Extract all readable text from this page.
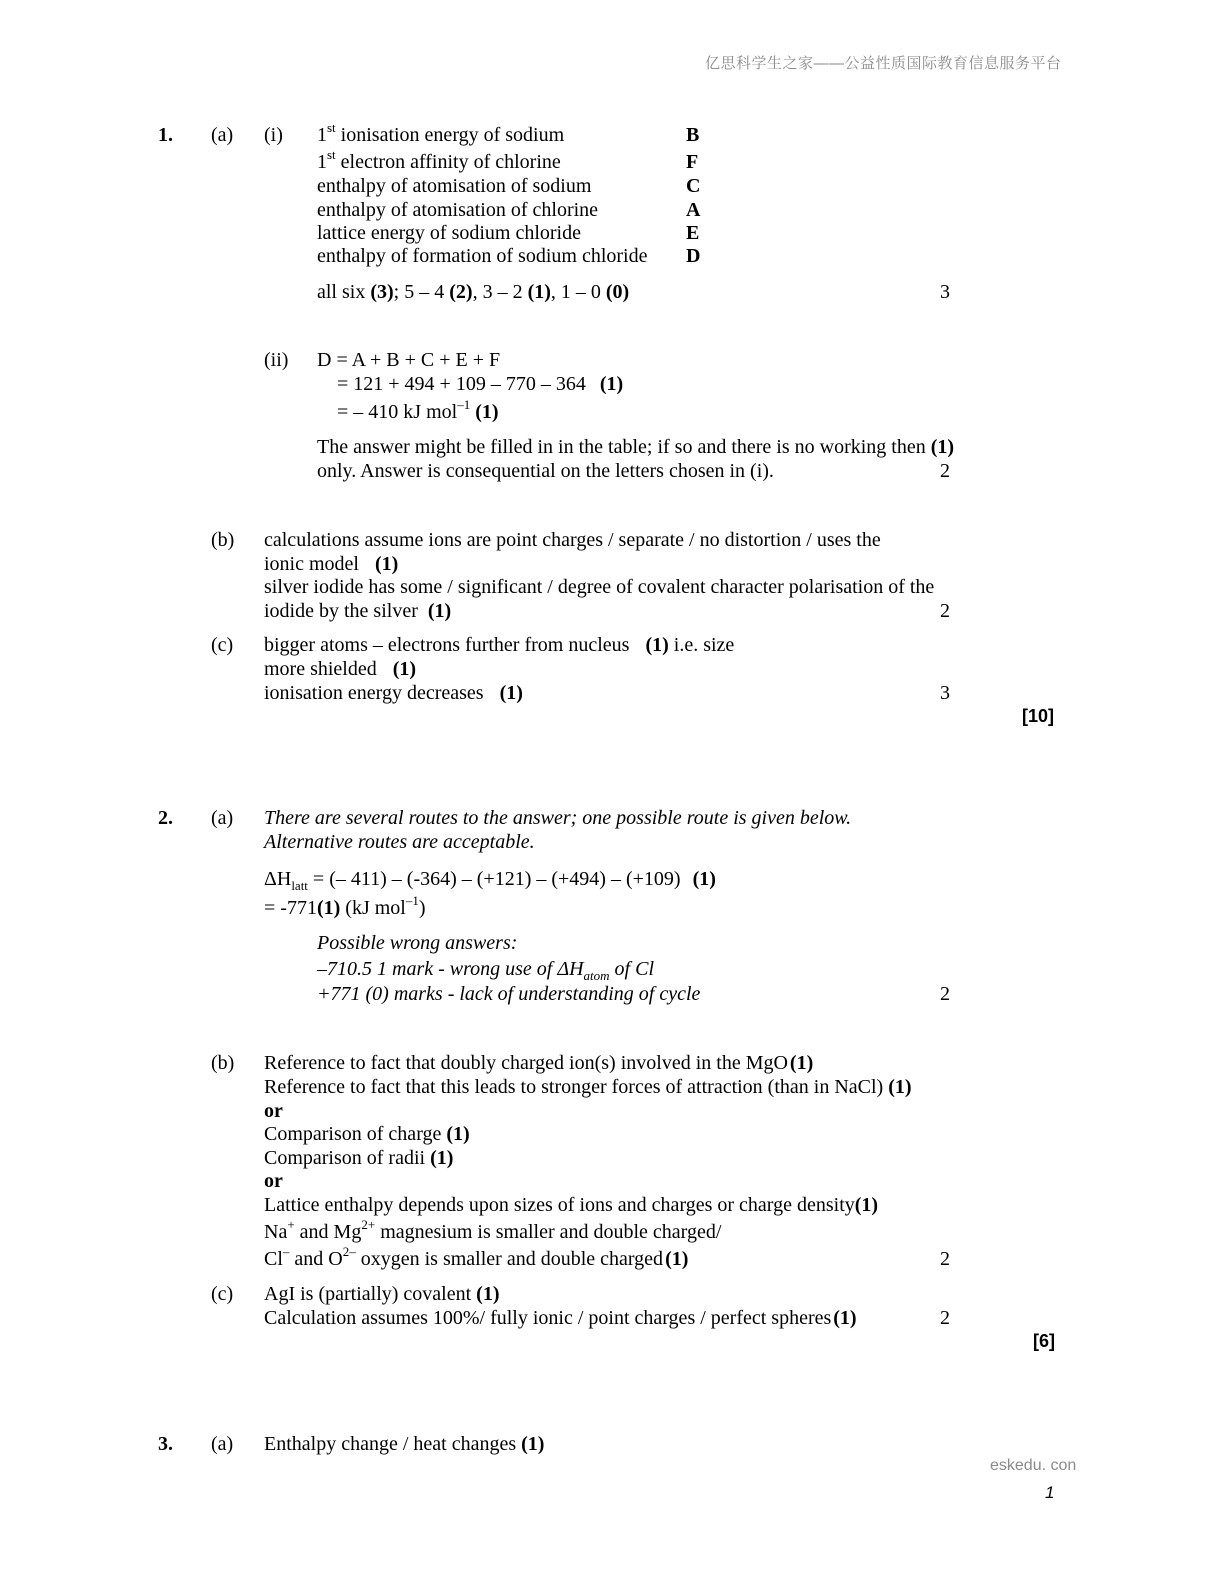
亿思科学生之家——公益性质国际教育信息服务平台
eskedu. con
1
1. (a) (i) 1st ionisation energy of sodium	B
1st electron affinity of chlorine	F
enthalpy of atomisation of sodium	C
enthalpy of atomisation of chlorine	A
lattice energy of sodium chloride	E
enthalpy of formation of sodium chloride D
all six (3); 5 – 4 (2), 3 – 2 (1), 1 – 0 (0)	3
(ii) D = A + B + C + E + F
= 121 + 494 + 109 – 770 – 364 (1)
= – 410 kJ mol$^{-1}$ (1)
The answer might be filled in in the table; if so and there is no working then (1)
only. Answer is consequential on the letters chosen in (i).	2
(b) calculations assume ions are point charges / separate / no distortion / uses the
ionic model (1)
silver iodide has some / significant / degree of covalent character polarisation of the
iodide by the silver (1)	2
(c) bigger atoms – electrons further from nucleus (1) i.e. size
more shielded (1)
ionisation energy decreases (1)	3
[10]
2. (a) There are several routes to the answer; one possible route is given below.
Alternative routes are acceptable.
$\Delta H_{latt}$ = (– 411) – (-364) – (+121) – (+494) – (+109) (1)
= -771(1) (kJ mol$^{-1}$)
Possible wrong answers:
–710.5 1 mark - wrong use of $\Delta H_{atom}$ of Cl
+771 (0) marks - lack of understanding of cycle	2
(b) Reference to fact that doubly charged ion(s) involved in the MgO (1)
Reference to fact that this leads to stronger forces of attraction (than in NaCl) (1)
or
Comparison of charge (1)
Comparison of radii (1)
or
Lattice enthalpy depends upon sizes of ions and charges or charge density(1)
Na+ and $Mg^{2+}$ magnesium is smaller and double charged/
Cl– and $O^{2-}$ oxygen is smaller and double charged (1)	2
(c) AgI is (partially) covalent (1)
Calculation assumes 100%/ fully ionic / point charges / perfect spheres (1)	2
[6]
3. (a) Enthalpy change / heat changes (1)
